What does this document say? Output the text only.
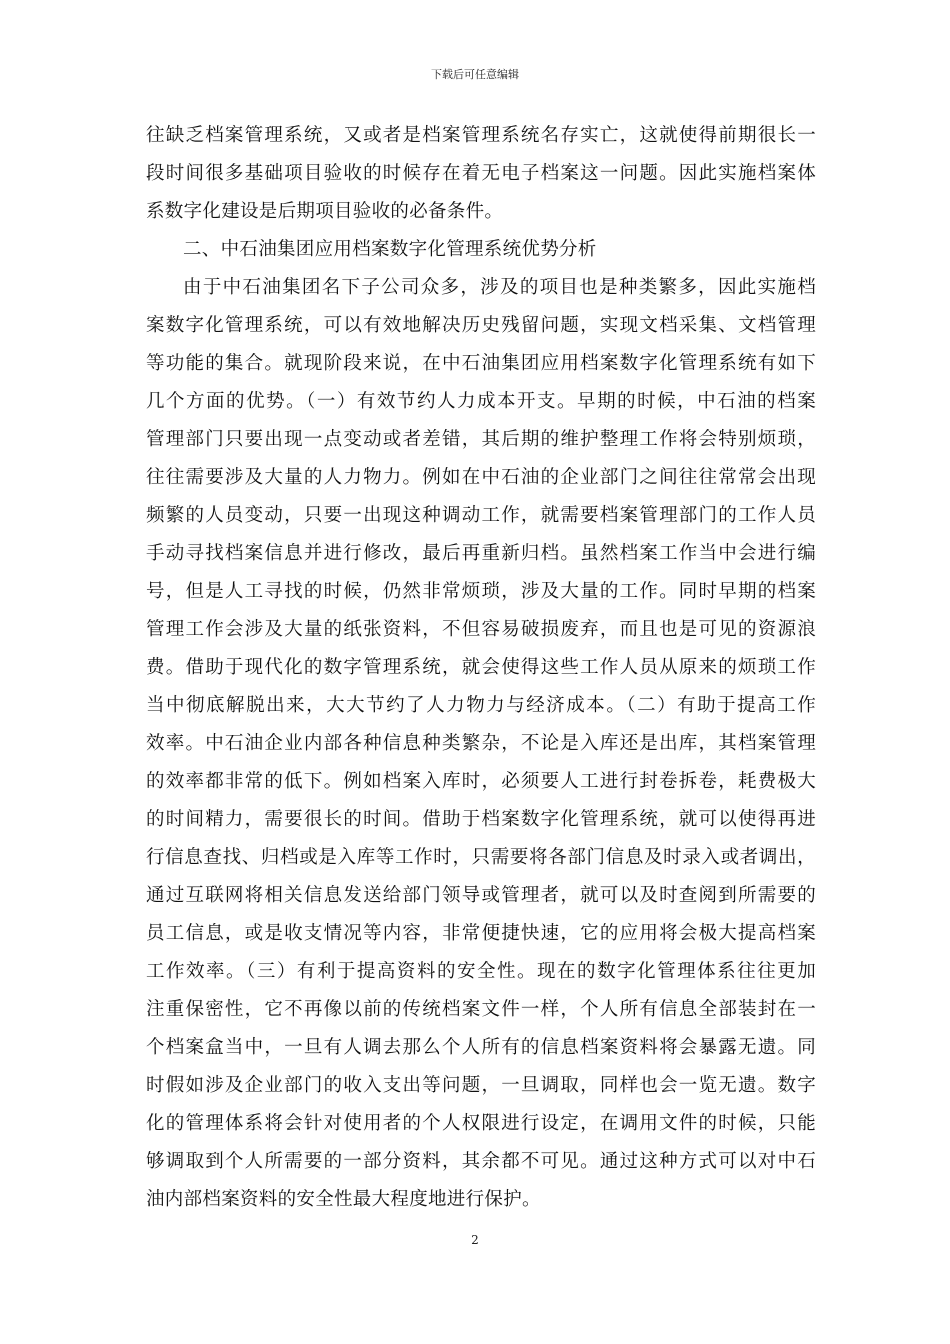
下载后可任意编辑
往缺乏档案管理系统，又或者是档案管理系统名存实亡，这就使得前期很长一
段时间很多基础项目验收的时候存在着无电子档案这一问题。因此实施档案体
系数字化建设是后期项目验收的必备条件。
二、中石油集团应用档案数字化管理系统优势分析
由于中石油集团名下子公司众多，涉及的项目也是种类繁多，因此实施档
案数字化管理系统，可以有效地解决历史残留问题，实现文档采集、文档管理
等功能的集合。就现阶段来说，在中石油集团应用档案数字化管理系统有如下
几个方面的优势。（一）有效节约人力成本开支。早期的时候，中石油的档案
管理部门只要出现一点变动或者差错，其后期的维护整理工作将会特别烦琐，
往往需要涉及大量的人力物力。例如在中石油的企业部门之间往往常常会出现
频繁的人员变动，只要一出现这种调动工作，就需要档案管理部门的工作人员
手动寻找档案信息并进行修改，最后再重新归档。虽然档案工作当中会进行编
号，但是人工寻找的时候，仍然非常烦琐，涉及大量的工作。同时早期的档案
管理工作会涉及大量的纸张资料，不但容易破损废弃，而且也是可见的资源浪
费。借助于现代化的数字管理系统，就会使得这些工作人员从原来的烦琐工作
当中彻底解脱出来，大大节约了人力物力与经济成本。（二）有助于提高工作
效率。中石油企业内部各种信息种类繁杂，不论是入库还是出库，其档案管理
的效率都非常的低下。例如档案入库时，必须要人工进行封卷拆卷，耗费极大
的时间精力，需要很长的时间。借助于档案数字化管理系统，就可以使得再进
行信息查找、归档或是入库等工作时，只需要将各部门信息及时录入或者调出，
通过互联网将相关信息发送给部门领导或管理者，就可以及时查阅到所需要的
员工信息，或是收支情况等内容，非常便捷快速，它的应用将会极大提高档案
工作效率。（三）有利于提高资料的安全性。现在的数字化管理体系往往更加
注重保密性，它不再像以前的传统档案文件一样，个人所有信息全部装封在一
个档案盒当中，一旦有人调去那么个人所有的信息档案资料将会暴露无遗。同
时假如涉及企业部门的收入支出等问题，一旦调取，同样也会一览无遗。数字
化的管理体系将会针对使用者的个人权限进行设定，在调用文件的时候，只能
够调取到个人所需要的一部分资料，其余都不可见。通过这种方式可以对中石
油内部档案资料的安全性最大程度地进行保护。
2
